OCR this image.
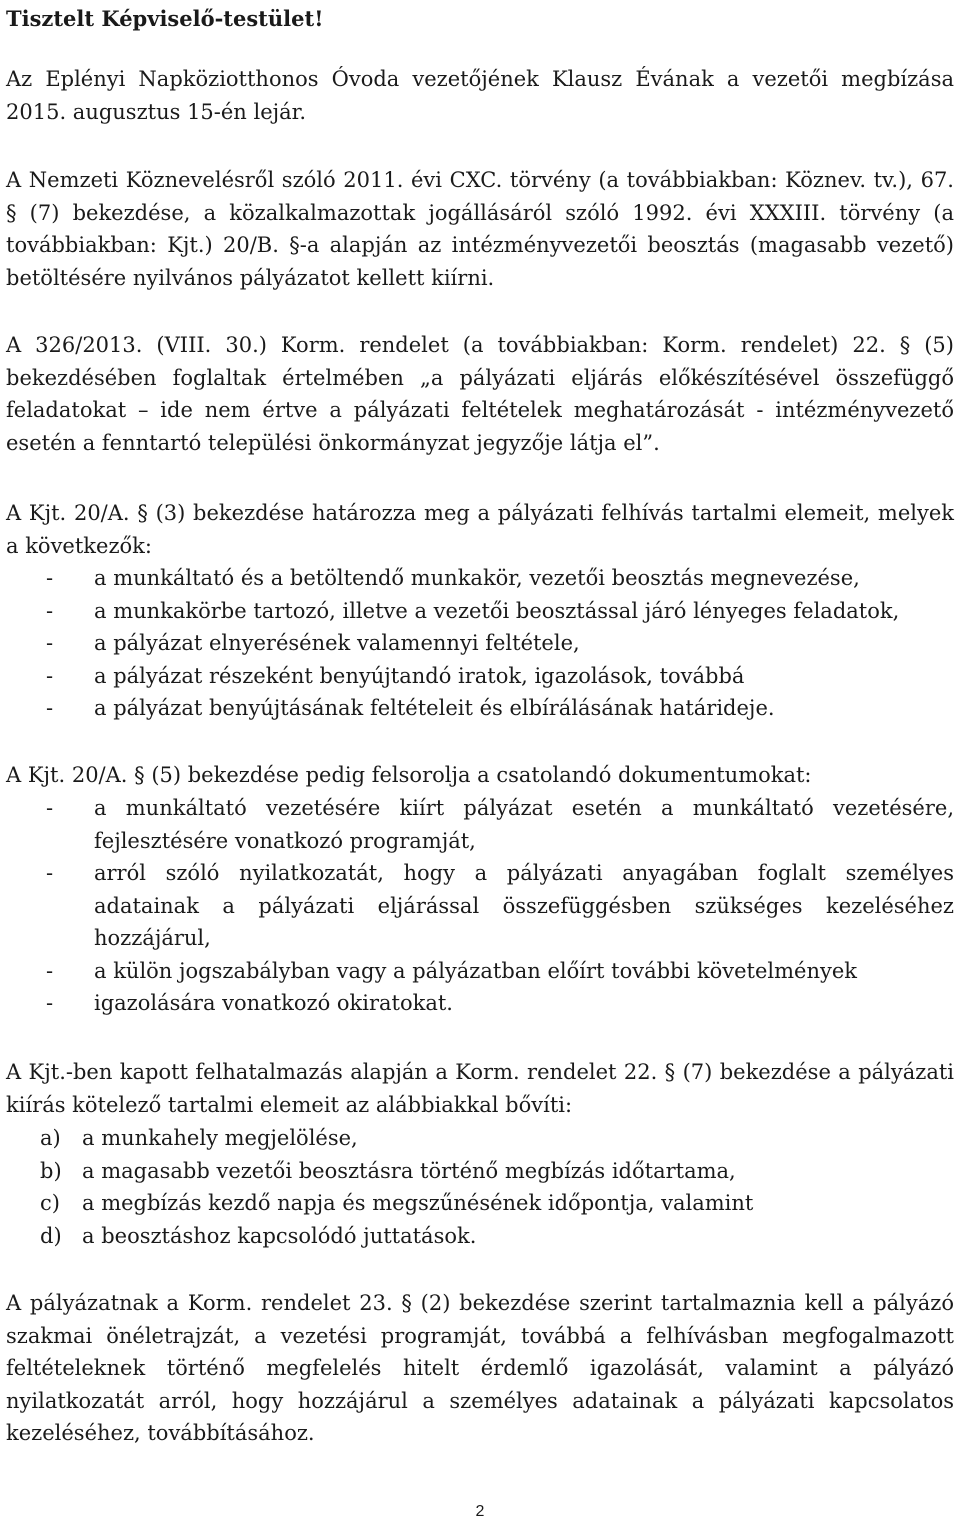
Tisztelt Képviselő-testület!
Az Eplényi Napköziotthonos Óvoda vezetőjének Klausz Évának a vezetői megbízása 2015. augusztus 15-én lejár.
A Nemzeti Köznevelésről szóló 2011. évi CXC. törvény (a továbbiakban: Köznev. tv.), 67. § (7) bekezdése, a közalkalmazottak jogállásáról szóló 1992. évi XXXIII. törvény (a továbbiakban: Kjt.) 20/B. §-a alapján az intézményvezetői beosztás (magasabb vezető) betöltésére nyilvános pályázatot kellett kiírni.
A 326/2013. (VIII. 30.) Korm. rendelet (a továbbiakban: Korm. rendelet) 22. § (5) bekezdésében foglaltak értelmében „a pályázati eljárás előkészítésével összefüggő feladatokat – ide nem értve a pályázati feltételek meghatározását - intézményvezető esetén a fenntartó települési önkormányzat jegyzője látja el”.
A Kjt. 20/A. § (3) bekezdése határozza meg a pályázati felhívás tartalmi elemeit, melyek a következők:
- a munkáltató és a betöltendő munkakör, vezetői beosztás megnevezése,
- a munkakörbe tartozó, illetve a vezetői beosztással járó lényeges feladatok,
- a pályázat elnyerésének valamennyi feltétele,
- a pályázat részeként benyújtandó iratok, igazolások, továbbá
- a pályázat benyújtásának feltételeit és elbírálásának határideje.
A Kjt. 20/A. § (5) bekezdése pedig felsorolja a csatolandó dokumentumokat:
- a munkáltató vezetésére kiírt pályázat esetén a munkáltató vezetésére, fejlesztésére vonatkozó programját,
- arról szóló nyilatkozatát, hogy a pályázati anyagában foglalt személyes adatainak a pályázati eljárással összefüggésben szükséges kezeléséhez hozzájárul,
- a külön jogszabályban vagy a pályázatban előírt további követelmények
- igazolására vonatkozó okiratokat.
A Kjt.-ben kapott felhatalmazás alapján a Korm. rendelet 22. § (7) bekezdése a pályázati kiírás kötelező tartalmi elemeit az alábbiakkal bővíti:
a) a munkahely megjelölése,
b) a magasabb vezetői beosztásra történő megbízás időtartama,
c) a megbízás kezdő napja és megszűnésének időpontja, valamint
d) a beosztáshoz kapcsolódó juttatások.
A pályázatnak a Korm. rendelet 23. § (2) bekezdése szerint tartalmaznia kell a pályázó szakmai önéletrajzát, a vezetési programját, továbbá a felhívásban megfogalmazott feltételeknek történő megfelelés hitelt érdemlő igazolását, valamint a pályázó nyilatkozatát arról, hogy hozzájárul a személyes adatainak a pályázati kapcsolatos kezeléséhez, továbbításához.
2
